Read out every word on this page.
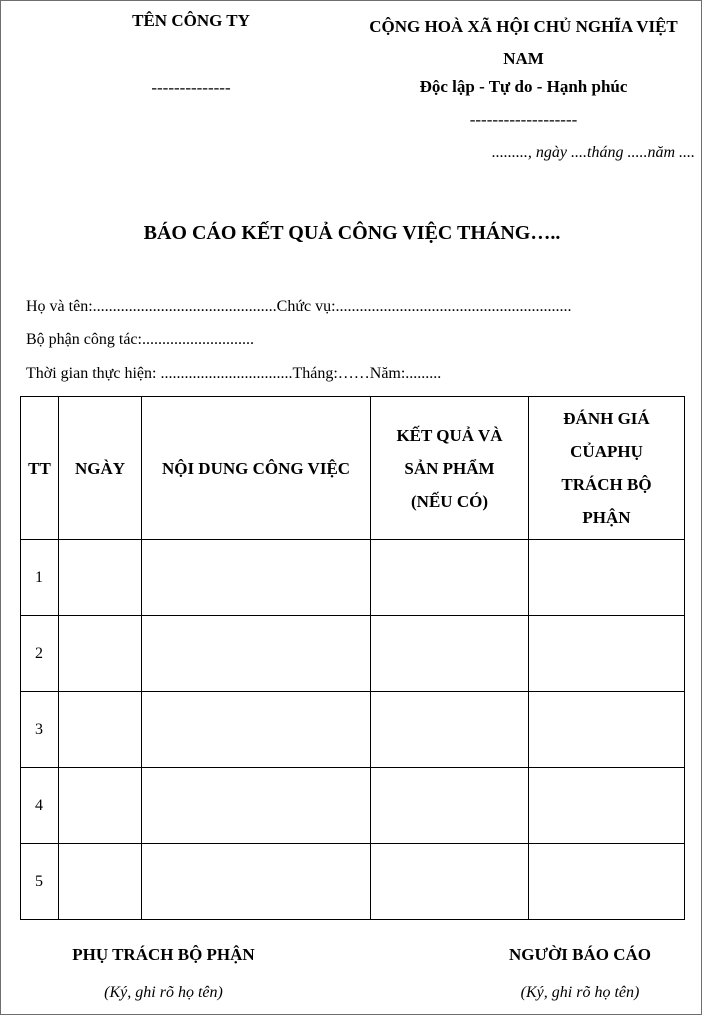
TÊN CÔNG TY
--------------
CỘNG HOÀ XÃ HỘI CHỦ NGHĨA VIỆT NAM
Độc lập - Tự do - Hạnh phúc
-------------------
........., ngày ....tháng .....năm ....
BÁO CÁO KẾT QUẢ CÔNG VIỆC THÁNG…..
Họ và tên:..............................................Chức vụ:...........................................................
Bộ phận công tác:............................
Thời gian thực hiện: .................................Tháng:……Năm:.........
TT	NGÀY	NỘI DUNG CÔNG VIỆC	KẾT QUẢ VÀ SẢN PHẨM (NẾU CÓ)	ĐÁNH GIÁ CỦAPHỤ TRÁCH BỘ PHẬN
1				
2				
3				
4				
5				
PHỤ TRÁCH BỘ PHẬN
(Ký, ghi rõ họ tên)
NGƯỜI BÁO CÁO
(Ký, ghi rõ họ tên)
